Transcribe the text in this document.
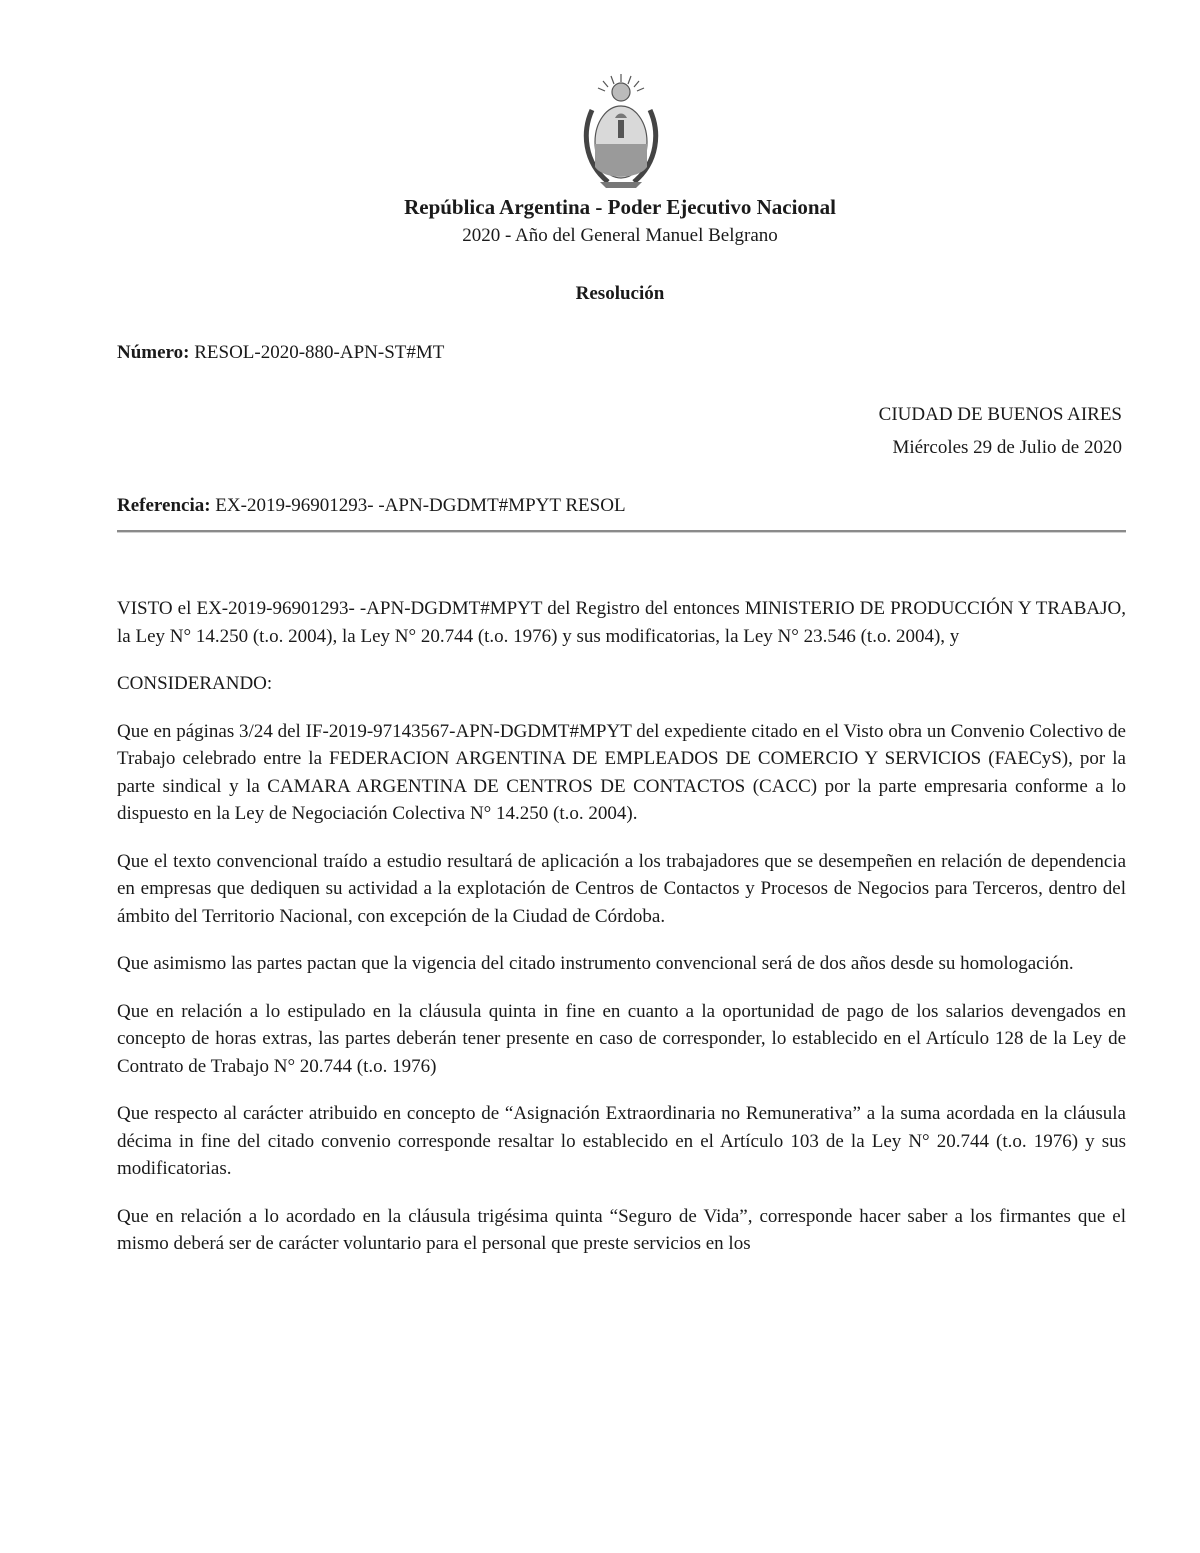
República Argentina - Poder Ejecutivo Nacional
2020 - Año del General Manuel Belgrano
Resolución
Número: RESOL-2020-880-APN-ST#MT
CIUDAD DE BUENOS AIRES
Miércoles 29 de Julio de 2020
Referencia: EX-2019-96901293- -APN-DGDMT#MPYT RESOL

VISTO el EX-2019-96901293- -APN-DGDMT#MPYT del Registro del entonces MINISTERIO DE PRODUCCIÓN Y TRABAJO, la Ley N° 14.250 (t.o. 2004), la Ley N° 20.744 (t.o. 1976) y sus modificatorias, la Ley N° 23.546 (t.o. 2004), y

CONSIDERANDO:

Que en páginas 3/24 del IF-2019-97143567-APN-DGDMT#MPYT del expediente citado en el Visto obra un Convenio Colectivo de Trabajo celebrado entre la FEDERACION ARGENTINA DE EMPLEADOS DE COMERCIO Y SERVICIOS (FAECyS), por la parte sindical y la CAMARA ARGENTINA DE CENTROS DE CONTACTOS (CACC) por la parte empresaria conforme a lo dispuesto en la Ley de Negociación Colectiva N° 14.250 (t.o. 2004).

Que el texto convencional traído a estudio resultará de aplicación a los trabajadores que se desempeñen en relación de dependencia en empresas que dediquen su actividad a la explotación de Centros de Contactos y Procesos de Negocios para Terceros, dentro del ámbito del Territorio Nacional, con excepción de la Ciudad de Córdoba.

Que asimismo las partes pactan que la vigencia del citado instrumento convencional será de dos años desde su homologación.

Que en relación a lo estipulado en la cláusula quinta in fine en cuanto a la oportunidad de pago de los salarios devengados en concepto de horas extras, las partes deberán tener presente en caso de corresponder, lo establecido en el Artículo 128 de la Ley de Contrato de Trabajo N° 20.744 (t.o. 1976)

Que respecto al carácter atribuido en concepto de “Asignación Extraordinaria no Remunerativa” a la suma acordada en la cláusula décima in fine del citado convenio corresponde resaltar lo establecido en el Artículo 103 de la Ley N° 20.744 (t.o. 1976) y sus modificatorias.

Que en relación a lo acordado en la cláusula trigésima quinta “Seguro de Vida”, corresponde hacer saber a los firmantes que el mismo deberá ser de carácter voluntario para el personal que preste servicios en los
